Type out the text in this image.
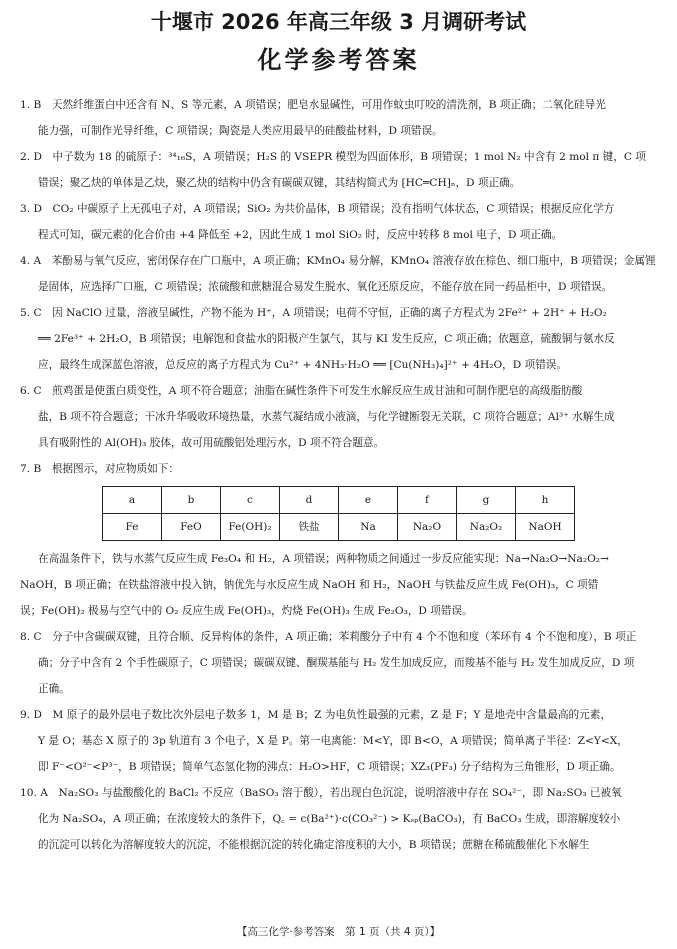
十堰市 2026 年高三年级 3 月调研考试
化学参考答案
1. B　天然纤维蛋白中还含有 N、S 等元素，A 项错误；肥皂水显碱性，可用作蚊虫叮咬的清洗剂，B 项正确；二氧化硅导光
能力强，可制作光导纤维，C 项错误；陶瓷是人类应用最早的硅酸盐材料，D 项错误。
2. D　中子数为 18 的硫原子：³⁴₁₆S，A 项错误；H₂S 的 VSEPR 模型为四面体形，B 项错误；1 mol N₂ 中含有 2 mol π 键，C 项
错误；聚乙炔的单体是乙炔，聚乙炔的结构中仍含有碳碳双键，其结构简式为 ⁅HC═CH⁆ₙ，D 项正确。
3. D　CO₂ 中碳原子上无孤电子对，A 项错误；SiO₂ 为共价晶体，B 项错误；没有指明气体状态，C 项错误；根据反应化学方
程式可知，碳元素的化合价由 +4 降低至 +2，因此生成 1 mol SiO₂ 时，反应中转移 8 mol 电子，D 项正确。
4. A　苯酚易与氧气反应，密闭保存在广口瓶中，A 项正确；KMnO₄ 易分解，KMnO₄ 溶液存放在棕色、细口瓶中，B 项错误；金属锂
是固体，应选择广口瓶，C 项错误；浓硫酸和蔗糖混合易发生脱水、氧化还原反应，不能存放在同一药品柜中，D 项错误。
5. C　因 NaClO 过量，溶液呈碱性，产物不能为 H⁺，A 项错误；电荷不守恒，正确的离子方程式为 2Fe²⁺ + 2H⁺ + H₂O₂
══ 2Fe³⁺ + 2H₂O，B 项错误；电解饱和食盐水的阳极产生氯气，其与 KI 发生反应，C 项正确；依题意，硫酸铜与氨水反
应，最终生成深蓝色溶液，总反应的离子方程式为 Cu²⁺ + 4NH₃·H₂O ══ [Cu(NH₃)₄]²⁺ + 4H₂O，D 项错误。
6. C　煎鸡蛋是使蛋白质变性，A 项不符合题意；油脂在碱性条件下可发生水解反应生成甘油和可制作肥皂的高级脂肪酸
盐，B 项不符合题意；干冰升华吸收环境热量，水蒸气凝结成小液滴，与化学键断裂无关联，C 项符合题意；Al³⁺ 水解生成
具有吸附性的 Al(OH)₃ 胶体，故可用硫酸铝处理污水，D 项不符合题意。
7. B　根据图示，对应物质如下：
a	b	c	d	e	f	g	h
Fe	FeO	Fe(OH)₂	铁盐	Na	Na₂O	Na₂O₂	NaOH
在高温条件下，铁与水蒸气反应生成 Fe₃O₄ 和 H₂，A 项错误；两种物质之间通过一步反应能实现：Na→Na₂O→Na₂O₂→
NaOH，B 项正确；在铁盐溶液中投入钠，钠优先与水反应生成 NaOH 和 H₂，NaOH 与铁盐反应生成 Fe(OH)₃，C 项错
误；Fe(OH)₂ 极易与空气中的 O₂ 反应生成 Fe(OH)₃，灼烧 Fe(OH)₃ 生成 Fe₂O₃，D 项错误。
8. C　分子中含碳碳双键，且符合顺、反异构体的条件，A 项正确；苯莉酸分子中有 4 个不饱和度（苯环有 4 个不饱和度），B 项正
确；分子中含有 2 个手性碳原子，C 项错误；碳碳双键、酮羰基能与 H₂ 发生加成反应，而羧基不能与 H₂ 发生加成反应，D 项
正确。
9. D　M 原子的最外层电子数比次外层电子数多 1，M 是 B；Z 为电负性最强的元素，Z 是 F；Y 是地壳中含量最高的元素，
Y 是 O；基态 X 原子的 3p 轨道有 3 个电子，X 是 P。第一电离能：M<Y，即 B<O，A 项错误；简单离子半径：Z<Y<X，
即 F⁻<O²⁻<P³⁻，B 项错误；简单气态氢化物的沸点：H₂O>HF，C 项错误；XZ₃(PF₃) 分子结构为三角锥形，D 项正确。
10. A　Na₂SO₃ 与盐酸酸化的 BaCl₂ 不反应（BaSO₃ 溶于酸），若出现白色沉淀，说明溶液中存在 SO₄²⁻，即 Na₂SO₃ 已被氧
化为 Na₂SO₄，A 项正确；在浓度较大的条件下，Q꜀ = c(Ba²⁺)·c(CO₃²⁻) > Kₛₚ(BaCO₃)，有 BaCO₃ 生成，即溶解度较小
的沉淀可以转化为溶解度较大的沉淀，不能根据沉淀的转化确定溶度积的大小，B 项错误；蔗糖在稀硫酸催化下水解生
【高三化学·参考答案　第 1 页（共 4 页）】
